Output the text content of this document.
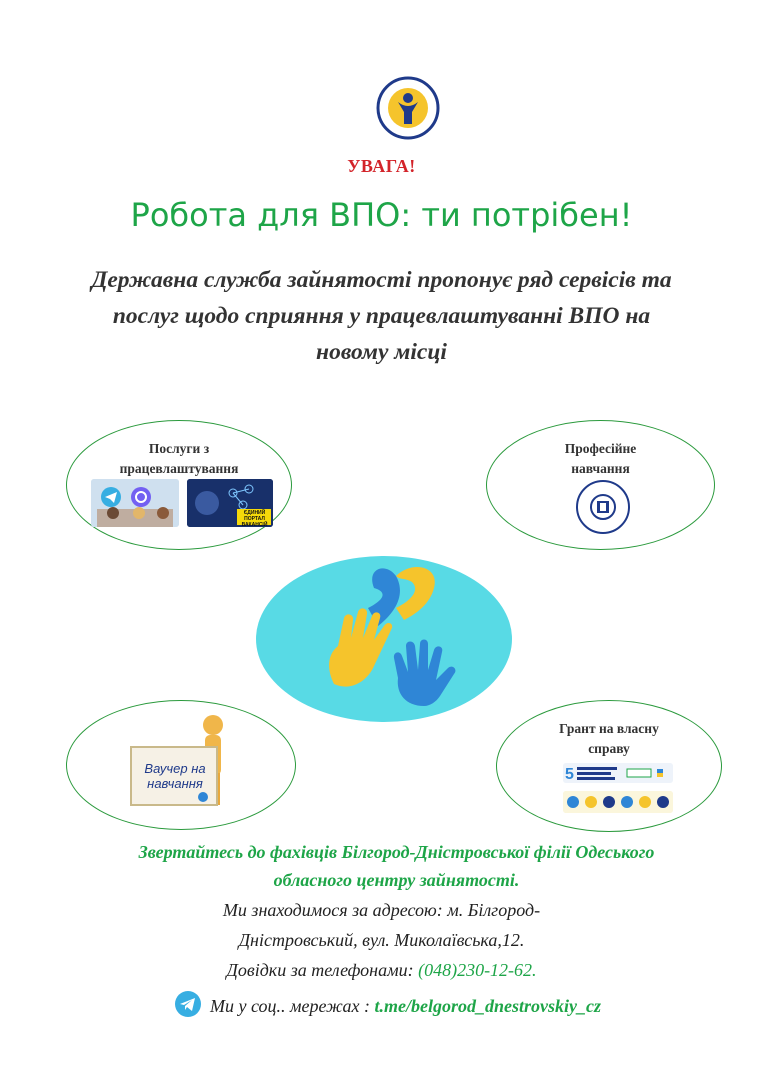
УВАГА!
Робота для ВПО: ти потрібен!
Державна служба зайнятості пропонує ряд сервісів та послуг щодо сприяння у працевлаштуванні ВПО на новому місці
Послуги з працевлаштування
ЄДИНИЙ ПОРТАЛ ВАКАНСІЙ
Професійне навчання
Ваучер на навчання
Грант на власну справу
5
Звертайтесь до фахівців Білгород-Дністровської філії Одеського обласного центру зайнятості.
Ми знаходимося за адресою: м. Білгород-
Дністровський, вул. Миколаївська,12.
Довідки за телефонами: (048)230-12-62.
Ми у соц.. мережах : t.me/belgorod_dnestrovskiy_cz
